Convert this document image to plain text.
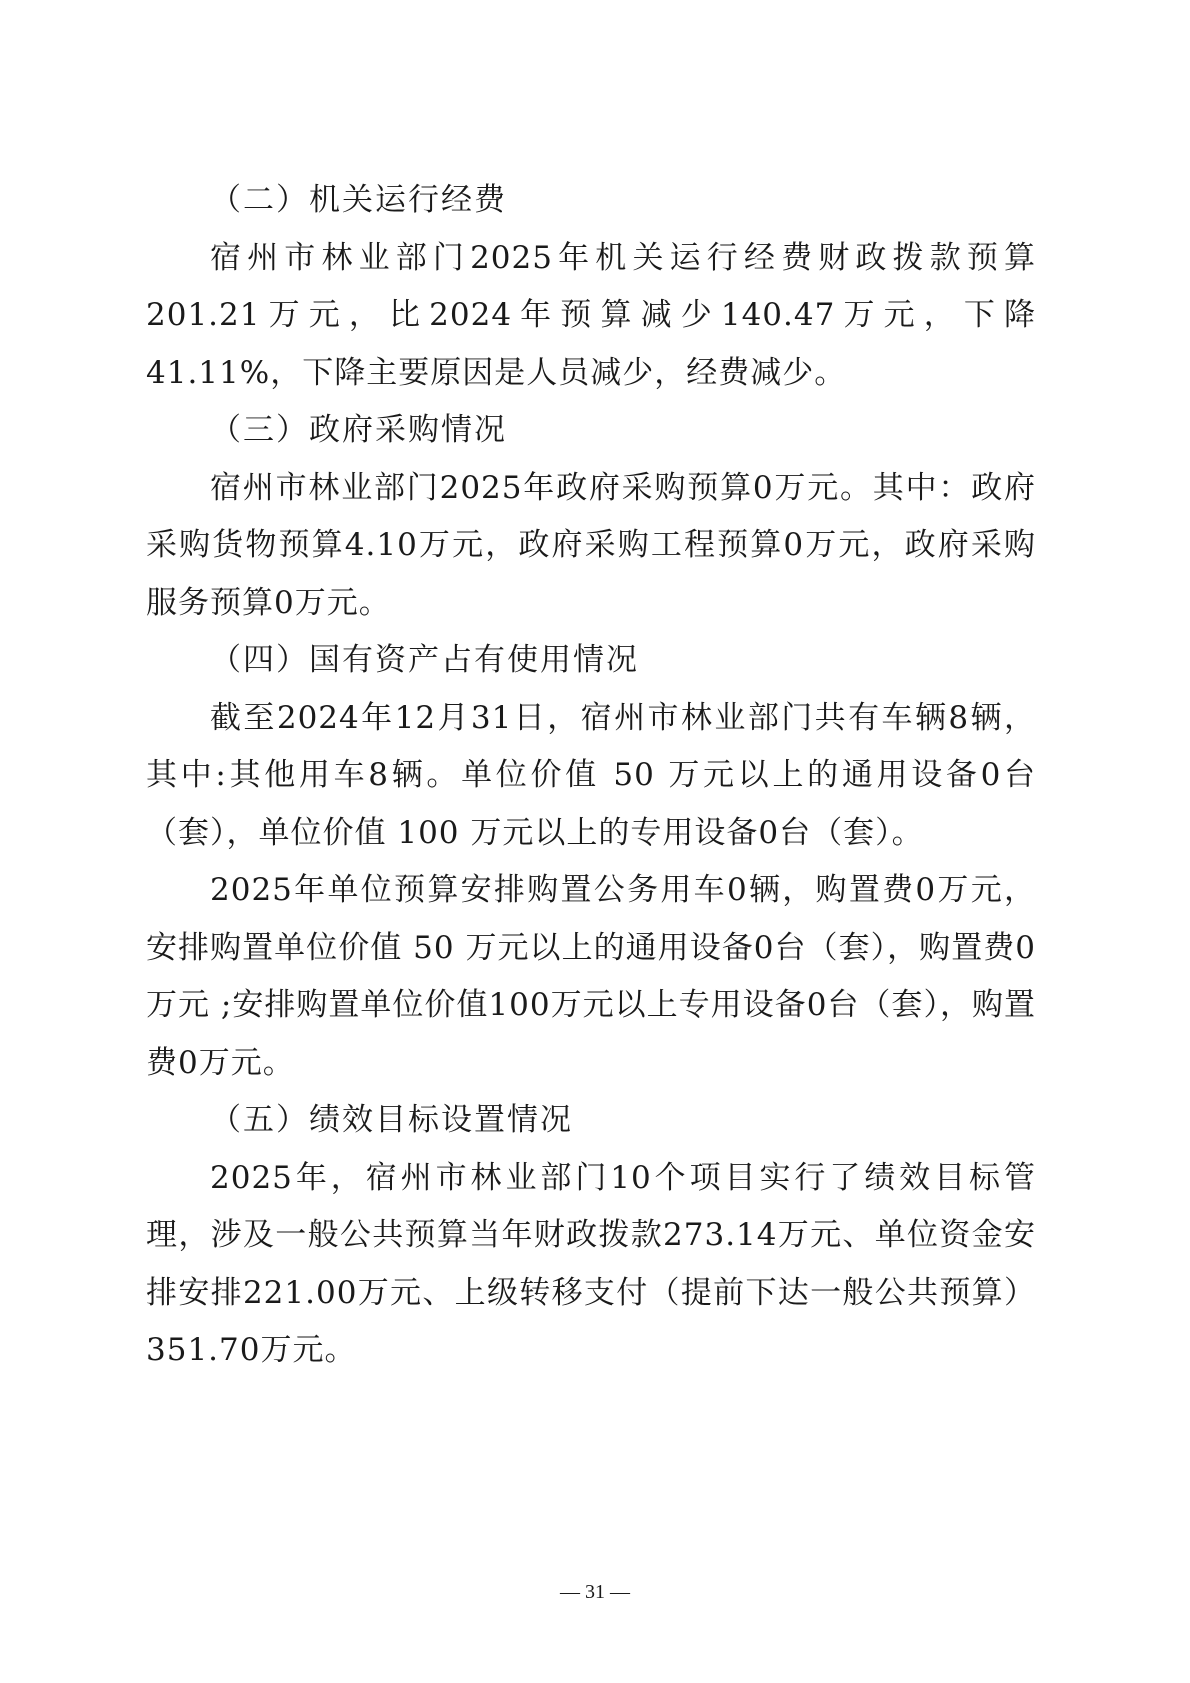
（二）机关运行经费

宿州市林业部门2025年机关运行经费财政拨款预算201.21万元，比2024年预算减少140.47万元，下降41.11%，下降主要原因是人员减少，经费减少。

（三）政府采购情况

宿州市林业部门2025年政府采购预算0万元。其中：政府采购货物预算4.10万元，政府采购工程预算0万元，政府采购服务预算0万元。

（四）国有资产占有使用情况

截至2024年12月31日，宿州市林业部门共有车辆8辆，其中:其他用车8辆。单位价值 50 万元以上的通用设备0台（套），单位价值 100 万元以上的专用设备0台（套）。

2025年单位预算安排购置公务用车0辆，购置费0万元，安排购置单位价值 50 万元以上的通用设备0台（套），购置费0万元 ;安排购置单位价值100万元以上专用设备0台（套），购置费0万元。

（五）绩效目标设置情况

2025年，宿州市林业部门10个项目实行了绩效目标管理，涉及一般公共预算当年财政拨款273.14万元、单位资金安排安排221.00万元、上级转移支付（提前下达一般公共预算）351.70万元。

— 31 —
